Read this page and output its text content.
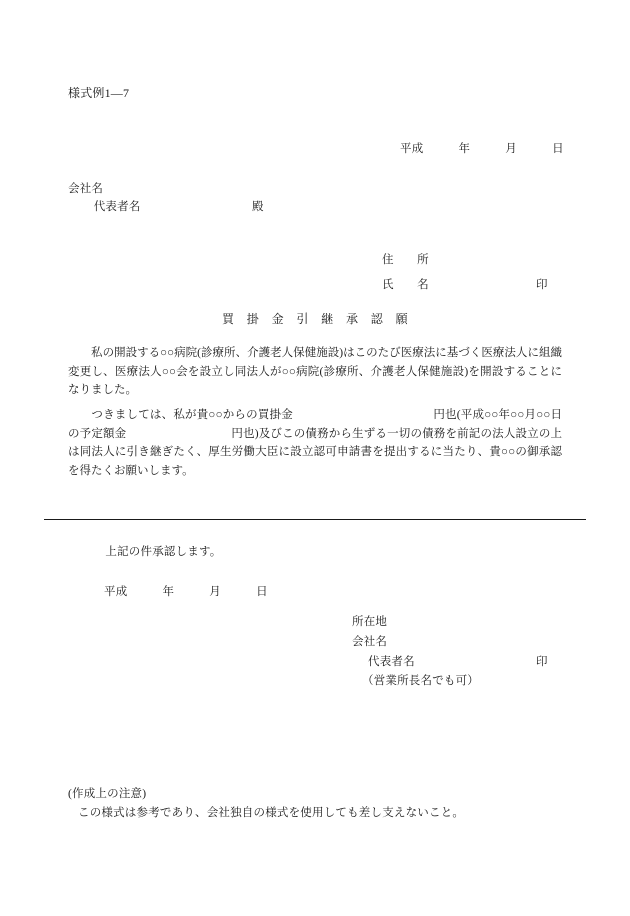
様式例1―7
平成　　　年　　　月　　　日
会社名
　代表者名	殿
住　　所
氏　　名	印
買　掛　金　引　継　承　認　願
　　私の開設する○○病院(診療所、介護老人保健施設)はこのたび医療法に基づく医療法人に組織変更し、医療法人○○会を設立し同法人が○○病院(診療所、介護老人保健施設)を開設することになりました。
　　つきましては、私が貴○○からの買掛金　　　　　　　　　　　　円也(平成○○年○○月○○日の予定額金　　　　　　　　　円也)及びこの債務から生ずる一切の債務を前記の法人設立の上は同法人に引き継ぎたく、厚生労働大臣に設立認可申請書を提出するに当たり、貴○○の御承認を得たくお願いします。
　　上記の件承認します。
平成　　　年　　　月　　　日
所在地
会社名
代表者名	印
（営業所長名でも可）
(作成上の注意)
この様式は参考であり、会社独自の様式を使用しても差し支えないこと。
